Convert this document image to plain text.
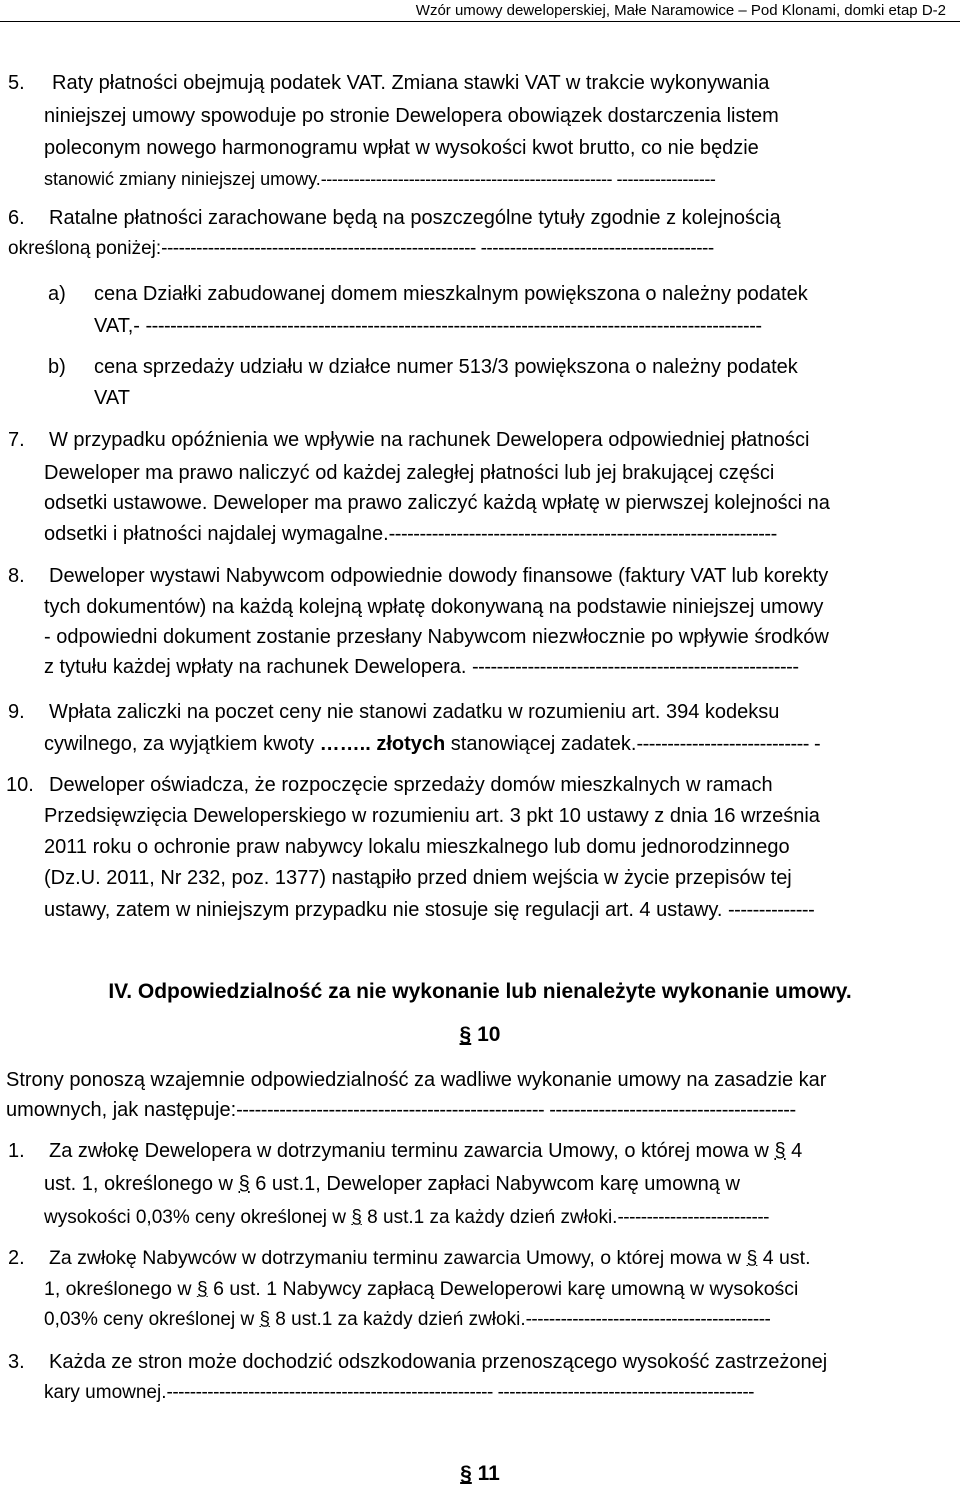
Wzór umowy deweloperskiej, Małe Naramowice – Pod Klonami, domki etap D-2
5. Raty płatności obejmują podatek VAT. Zmiana stawki VAT w trakcie wykonywania
niniejszej umowy spowoduje po stronie Dewelopera obowiązek dostarczenia listem
poleconym nowego harmonogramu wpłat w wysokości kwot brutto, co nie będzie
stanowić zmiany niniejszej umowy.----------------------------------------------------- ------------------
6. Ratalne płatności zarachowane będą na poszczególne tytuły zgodnie z kolejnością
określoną poniżej:------------------------------------------------------ ----------------------------------------
a) cena Działki zabudowanej domem mieszkalnym powiększona o należny podatek
VAT,- ----------------------------------------------------------------------------------------------------
b) cena sprzedaży udziału w działce numer 513/3 powiększona o należny podatek
VAT
7. W przypadku opóźnienia we wpływie na rachunek Dewelopera odpowiedniej płatności
Deweloper ma prawo naliczyć od każdej zaległej płatności lub jej brakującej części
odsetki ustawowe. Deweloper ma prawo zaliczyć każdą wpłatę w pierwszej kolejności na
odsetki i płatności najdalej wymagalne.---------------------------------------------------------------
8. Deweloper wystawi Nabywcom odpowiednie dowody finansowe (faktury VAT lub korekty
tych dokumentów) na każdą kolejną wpłatę dokonywaną na podstawie niniejszej umowy
- odpowiedni dokument zostanie przesłany Nabywcom niezwłocznie po wpływie środków
z tytułu każdej wpłaty na rachunek Dewelopera. -----------------------------------------------------
9. Wpłata zaliczki na poczet ceny nie stanowi zadatku w rozumieniu art. 394 kodeksu
cywilnego, za wyjątkiem kwoty …….. złotych stanowiącej zadatek.---------------------------- -
10. Deweloper oświadcza, że rozpoczęcie sprzedaży domów mieszkalnych w ramach
Przedsięwzięcia Deweloperskiego w rozumieniu art. 3 pkt 10 ustawy z dnia 16 września
2011 roku o ochronie praw nabywcy lokalu mieszkalnego lub domu jednorodzinnego
(Dz.U. 2011, Nr 232, poz. 1377) nastąpiło przed dniem wejścia w życie przepisów tej
ustawy, zatem w niniejszym przypadku nie stosuje się regulacji art. 4 ustawy. --------------
IV. Odpowiedzialność za nie wykonanie lub nienależyte wykonanie umowy.
§ 10
Strony ponoszą wzajemnie odpowiedzialność za wadliwe wykonanie umowy na zasadzie kar
umownych, jak następuje:-------------------------------------------------- ----------------------------------------
1. Za zwłokę Dewelopera w dotrzymaniu terminu zawarcia Umowy, o której mowa w § 4
ust. 1, określonego w § 6 ust.1, Deweloper zapłaci Nabywcom karę umowną w
wysokości 0,03% ceny określonej w § 8 ust.1 za każdy dzień zwłoki.--------------------------
2. Za zwłokę Nabywców w dotrzymaniu terminu zawarcia Umowy, o której mowa w § 4 ust.
1, określonego w § 6 ust. 1 Nabywcy zapłacą Deweloperowi karę umowną w wysokości
0,03% ceny określonej w § 8 ust.1 za każdy dzień zwłoki.------------------------------------------
3. Każda ze stron może dochodzić odszkodowania przenoszącego wysokość zastrzeżonej
kary umownej.-------------------------------------------------------- --------------------------------------------
§ 11
